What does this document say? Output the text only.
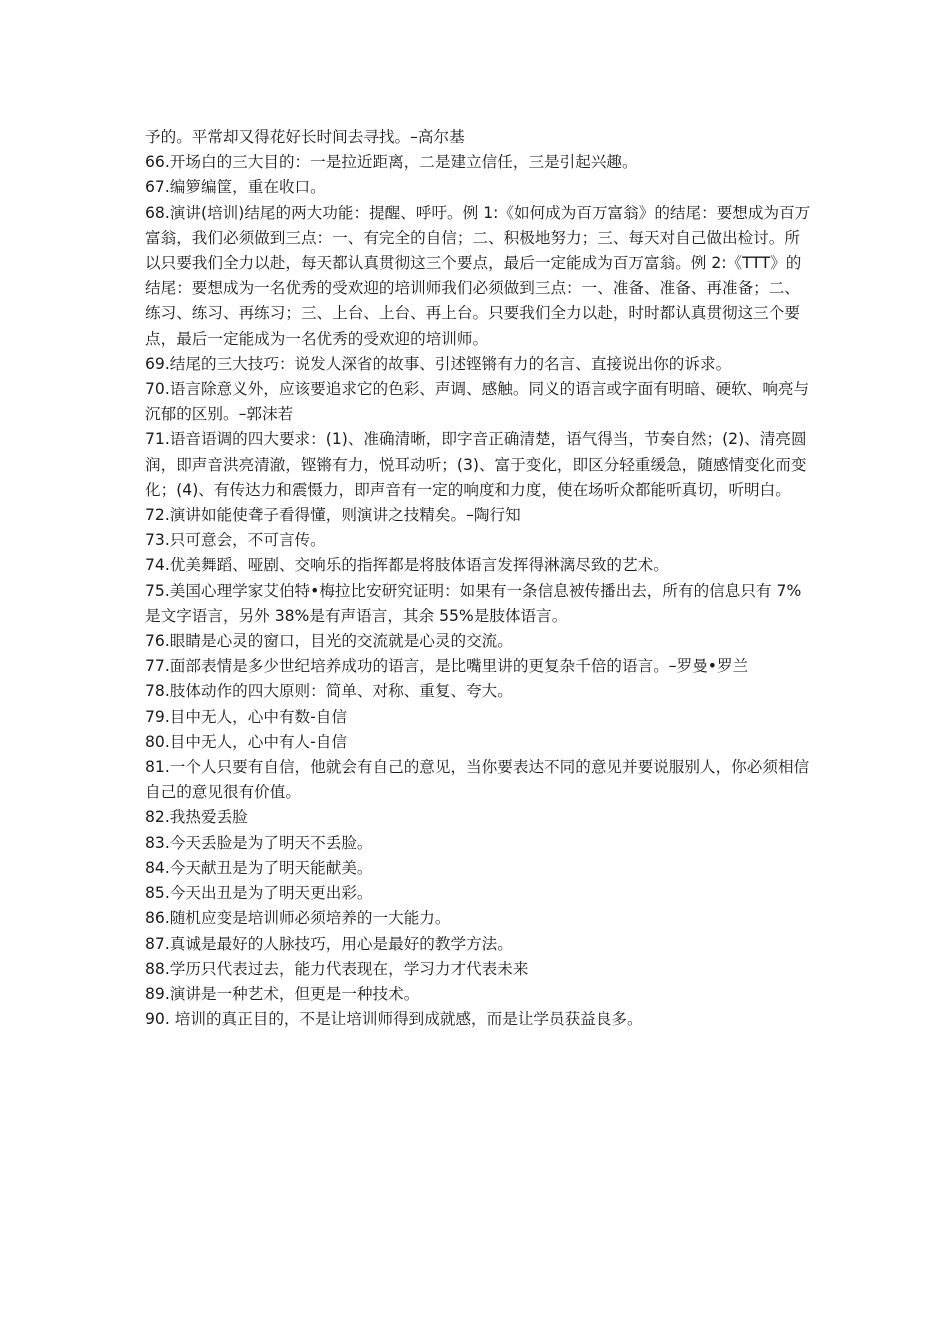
予的。平常却又得花好长时间去寻找。–高尔基

66.开场白的三大目的：一是拉近距离，二是建立信任，三是引起兴趣。

67.编箩编筐，重在收口。

68.演讲(培训)结尾的两大功能：提醒、呼吁。例 1:《如何成为百万富翁》的结尾：要想成为百万富翁，我们必须做到三点：一、有完全的自信；二、积极地努力；三、每天对自己做出检讨。所以只要我们全力以赴，每天都认真贯彻这三个要点，最后一定能成为百万富翁。例 2:《TTT》的结尾：要想成为一名优秀的受欢迎的培训师我们必须做到三点：一、准备、准备、再准备；二、练习、练习、再练习；三、上台、上台、再上台。只要我们全力以赴，时时都认真贯彻这三个要点，最后一定能成为一名优秀的受欢迎的培训师。

69.结尾的三大技巧：说发人深省的故事、引述铿锵有力的名言、直接说出你的诉求。

70.语言除意义外，应该要追求它的色彩、声调、感触。同义的语言或字面有明暗、硬软、响亮与沉郁的区别。–郭沫若

71.语音语调的四大要求：(1)、准确清晰，即字音正确清楚，语气得当，节奏自然；(2)、清亮圆润，即声音洪亮清澈，铿锵有力，悦耳动听；(3)、富于变化，即区分轻重缓急，随感情变化而变化；(4)、有传达力和震慑力，即声音有一定的响度和力度，使在场听众都能听真切，听明白。

72.演讲如能使聋子看得懂，则演讲之技精矣。–陶行知

73.只可意会，不可言传。

74.优美舞蹈、哑剧、交响乐的指挥都是将肢体语言发挥得淋漓尽致的艺术。

75.美国心理学家艾伯特•梅拉比安研究证明：如果有一条信息被传播出去，所有的信息只有 7%是文字语言，另外 38%是有声语言，其余 55%是肢体语言。

76.眼睛是心灵的窗口，目光的交流就是心灵的交流。

77.面部表情是多少世纪培养成功的语言，是比嘴里讲的更复杂千倍的语言。–罗曼•罗兰

78.肢体动作的四大原则：简单、对称、重复、夸大。

79.目中无人，心中有数-自信

80.目中无人，心中有人-自信

81.一个人只要有自信，他就会有自己的意见，当你要表达不同的意见并要说服别人，你必须相信自己的意见很有价值。

82.我热爱丢脸

83.今天丢脸是为了明天不丢脸。

84.今天献丑是为了明天能献美。

85.今天出丑是为了明天更出彩。

86.随机应变是培训师必须培养的一大能力。

87.真诚是最好的人脉技巧，用心是最好的教学方法。

88.学历只代表过去，能力代表现在，学习力才代表未来

89.演讲是一种艺术，但更是一种技术。

90. 培训的真正目的，不是让培训师得到成就感，而是让学员获益良多。
